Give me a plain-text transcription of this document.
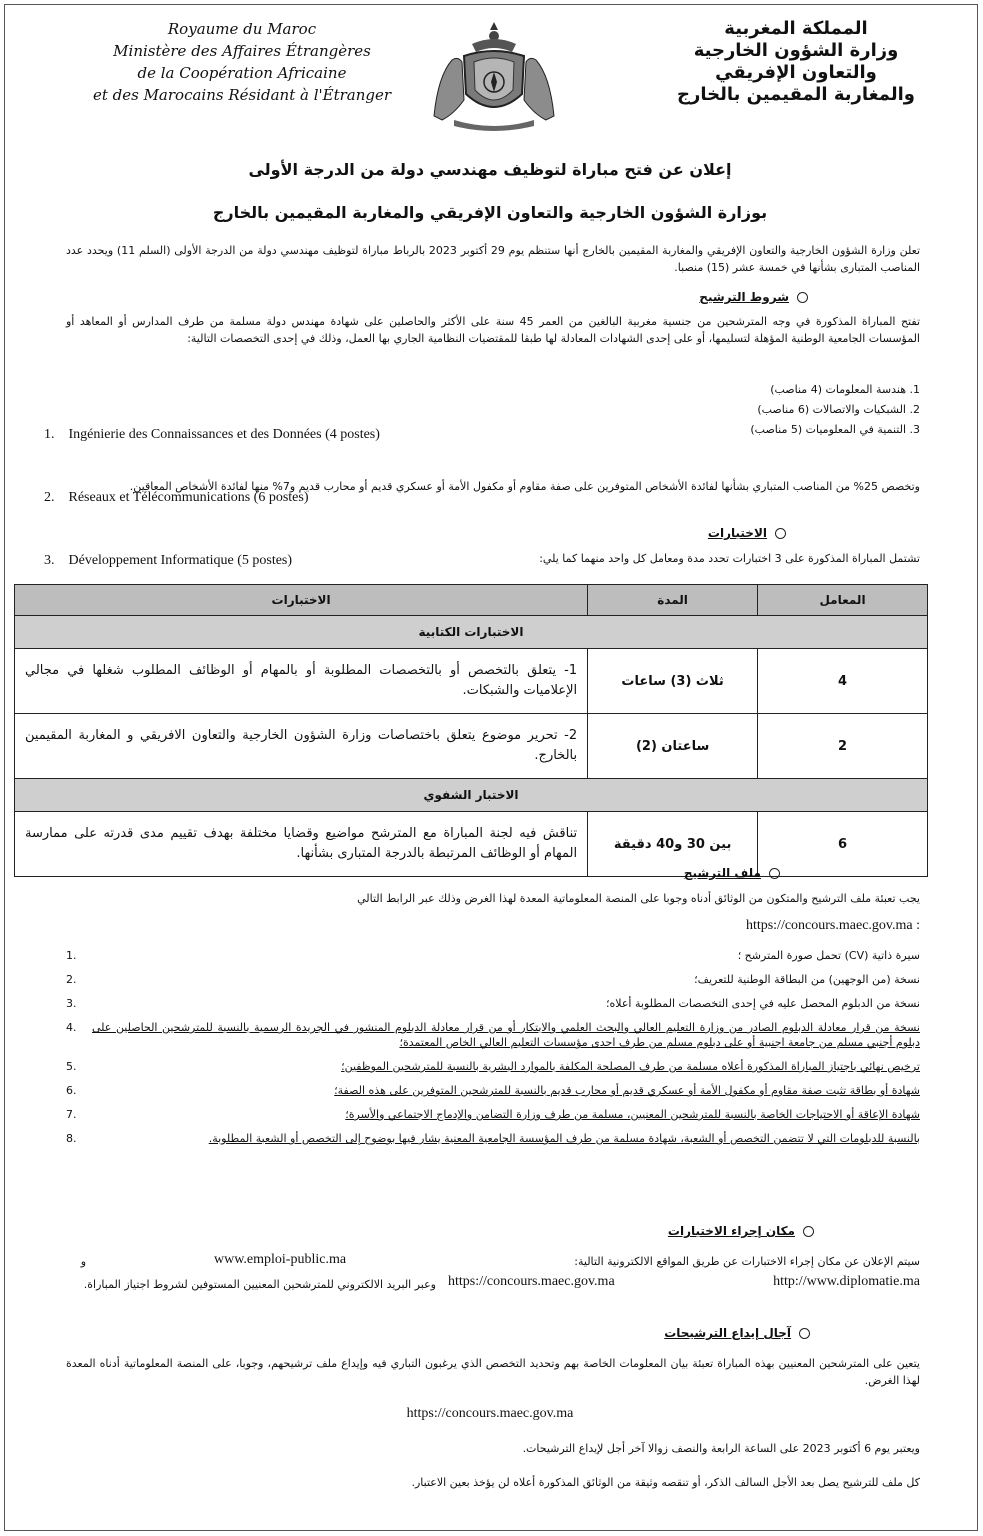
Royaume du Maroc
Ministère des Affaires Étrangères
de la Coopération Africaine
et des Marocains Résidant à l'Étranger
المملكة المغربية
وزارة الشؤون الخارجية
والتعاون الإفريقي
والمغاربة المقيمين بالخارج
إعلان عن فتح مباراة لتوظيف مهندسي دولة من الدرجة الأولى
بوزارة الشؤون الخارجية والتعاون الإفريقي والمغاربة المقيمين بالخارج
تعلن وزارة الشؤون الخارجية والتعاون الإفريقي والمغاربة المقيمين بالخارج أنها ستنظم يوم 29 أكتوبر 2023 بالرباط مباراة لتوظيف مهندسي دولة من الدرجة الأولى (السلم 11) ويحدد عدد المناصب المتبارى بشأنها في خمسة عشر (15) منصبا.
شروط الترشيح
تفتح المباراة المذكورة في وجه المترشحين من جنسية مغربية البالغين من العمر 45 سنة على الأكثر والحاصلين على شهادة مهندس دولة مسلمة من طرف المدارس أو المعاهد أو المؤسسات الجامعية الوطنية المؤهلة لتسليمها، أو على إحدى الشهادات المعادلة لها طبقا للمقتضيات النظامية الجاري بها العمل، وذلك في إحدى التخصصات التالية:
1. هندسة المعلومات (4 مناصب)
2. الشبكيات والاتصالات (6 مناصب)
3. التنمية في المعلوميات (5 مناصب)

1.    Ingénierie des Connaissances et des Données (4 postes)

2.    Réseaux et Télécommunications (6 postes)

3.    Développement Informatique (5 postes)

وتخصص 25% من المناصب المتباري بشأنها لفائدة الأشخاص المتوفرين على صفة مقاوم أو مكفول الأمة أو عسكري قديم أو محارب قديم و7% منها لفائدة الأشخاص المعاقين.
الاختبارات
تشتمل المباراة المذكورة على 3 اختبارات تحدد مدة ومعامل كل واحد منهما كما يلي:
الاختبارات	المدة	المعامل
الاختبارات الكتابية		
1- يتعلق بالتخصص أو بالتخصصات المطلوبة أو بالمهام أو الوظائف المطلوب شغلها في مجالي الإعلاميات والشبكات.	ثلاث (3) ساعات	4
2- تحرير موضوع يتعلق باختصاصات وزارة الشؤون الخارجية والتعاون الافريقي و المغاربة المقيمين بالخارج.	ساعتان (2)	2
الاختبار الشفوي		
تناقش فيه لجنة المباراة مع المترشح مواضيع وقضايا مختلفة بهدف تقييم مدى قدرته على ممارسة المهام أو الوظائف المرتبطة بالدرجة المتبارى بشأنها.	بين 30 و40 دقيقة	6
ملف الترشيح
يجب تعبئة ملف الترشيح والمتكون من الوثائق أدناه وجوبا على المنصة المعلوماتية المعدة لهذا الغرض وذلك عبر الرابط التالي
https://concours.maec.gov.ma :
سيرة ذاتية (CV) تحمل صورة المترشح ؛
1.
نسخة (من الوجهين) من البطاقة الوطنية للتعريف؛
2.
نسخة من الدبلوم المحصل عليه في إحدى التخصصات المطلوبة أعلاه؛
3.
نسخة من قرار معادلة الدبلوم الصادر من وزارة التعليم العالي والبحث العلمي والابتكار أو من قرار معادلة الدبلوم المنشور في الجريدة الرسمية بالنسبة للمترشحين الحاصلين على دبلوم أجنبي مسلم من جامعة اجنبية أو على دبلوم مسلم من طرف احدى مؤسسات التعليم العالي الخاص المعتمدة؛
4.
ترخيص نهائي باجتياز المباراة المذكورة أعلاه مسلمة من طرف المصلحة المكلفة بالموارد البشرية بالنسبة للمترشحين الموظفين؛
5.
شهادة أو بطاقة تثبت صفة مقاوم أو مكفول الأمة أو عسكري قديم أو محارب قديم بالنسبة للمترشحين المتوفرين على هذه الصفة؛
6.
شهادة الإعاقة أو الاحتياجات الخاصة بالنسبة للمترشحين المعنيين، مسلمة من طرف وزارة التضامن والإدماج الاجتماعي والأسرة؛
7.
بالنسبة للدبلومات التي لا تتضمن التخصص أو الشعبة، شهادة مسلمة من طرف المؤسسة الجامعية المعنية يشار فيها بوضوح إلى التخصص أو الشعبة المطلوبة.
8.
مكان إجراء الاختبارات
سيتم الإعلان عن مكان إجراء الاختبارات عن طريق المواقع الالكترونية التالية:
www.emploi-public.ma
و
http://www.diplomatie.ma
https://concours.maec.gov.ma
وعبر البريد الالكتروني للمترشحين المعنيين المستوفين لشروط اجتياز المباراة.
آجال إيداع الترشيحات
يتعين على المترشحين المعنيين بهذه المباراة تعبئة بيان المعلومات الخاصة بهم وتحديد التخصص الذي يرغبون التباري فيه وإيداع ملف ترشيحهم، وجوبا، على المنصة المعلوماتية أدناه المعدة لهذا الغرض.
https://concours.maec.gov.ma
ويعتبر يوم 6 أكتوبر 2023 على الساعة الرابعة والنصف زوالا آخر أجل لإيداع الترشيحات.
كل ملف للترشيح يصل بعد الأجل السالف الذكر، أو تنقصه وثيقة من الوثائق المذكورة أعلاه لن يؤخذ بعين الاعتبار.
